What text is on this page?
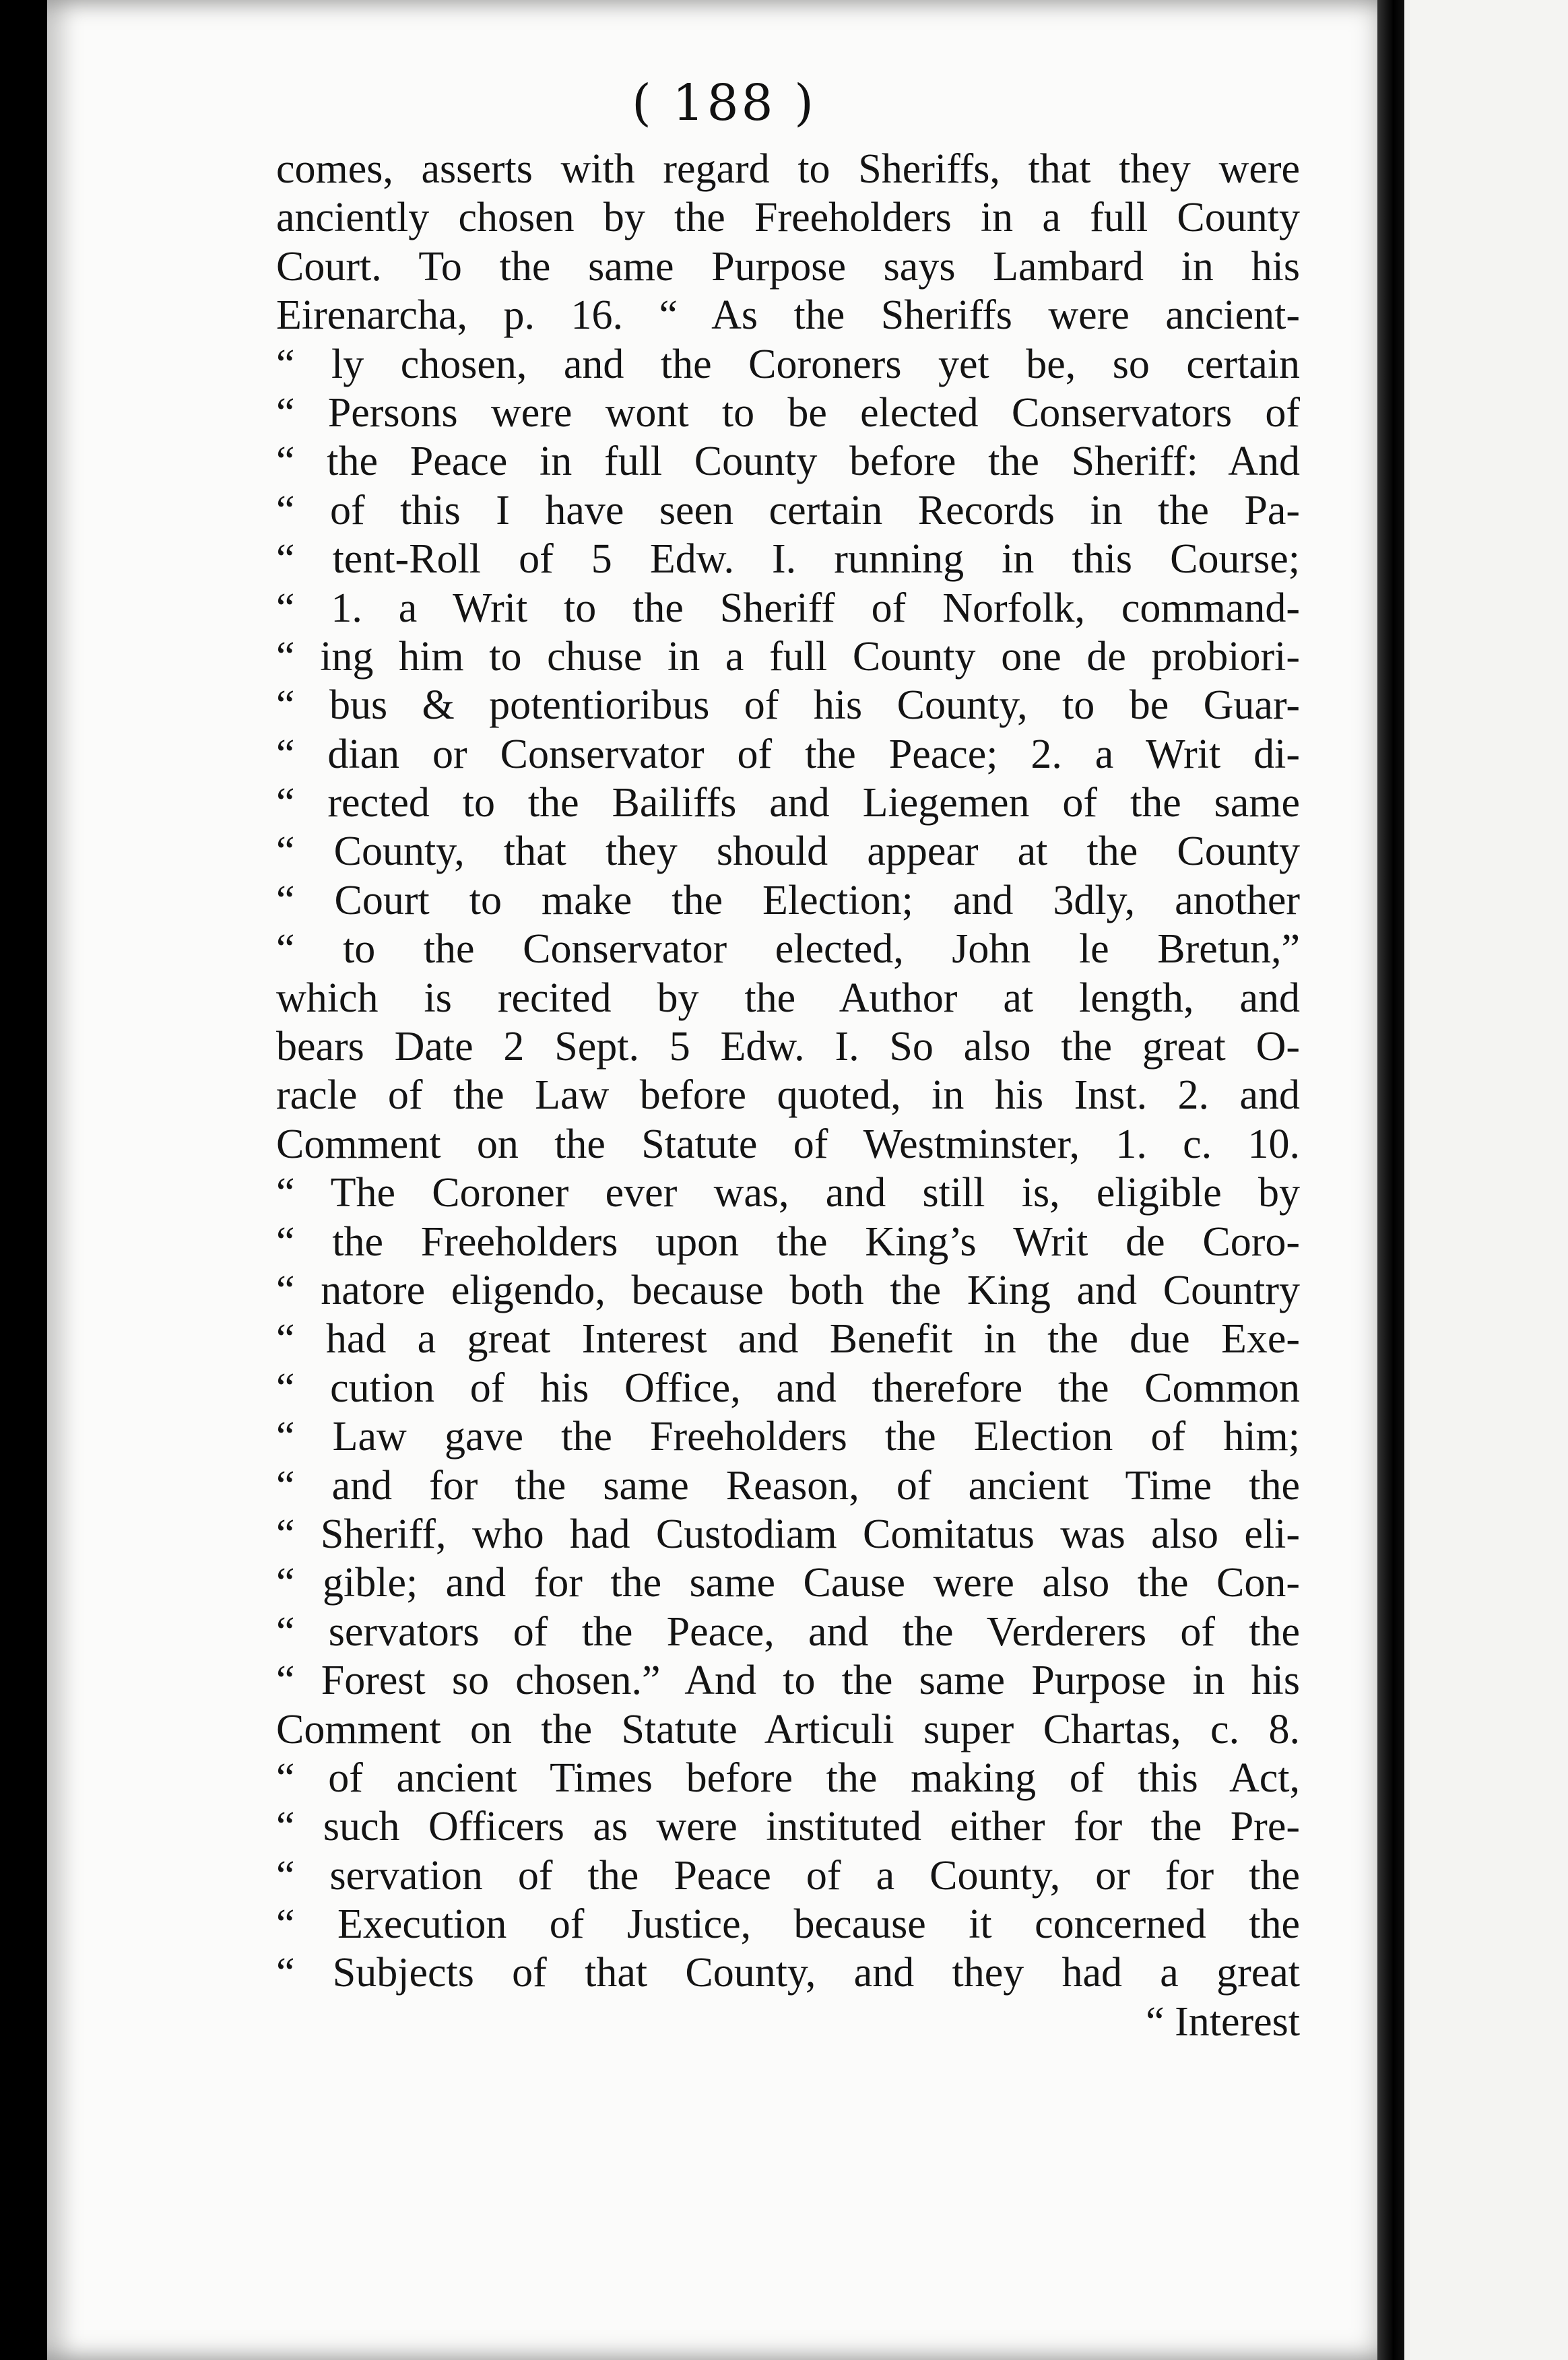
( 188 )
comes, asserts with regard to Sheriffs, that they were
anciently chosen by the Freeholders in a full County
Court. To the same Purpose says Lambard in his
Eirenarcha, p. 16. “ As the Sheriffs were ancient-
“ ly chosen, and the Coroners yet be, so certain
“ Persons were wont to be elected Conservators of
“ the Peace in full County before the Sheriff: And
“ of this I have seen certain Records in the Pa-
“ tent-Roll of 5 Edw. I. running in this Course;
“ 1. a Writ to the Sheriff of Norfolk, command-
“ ing him to chuse in a full County one de probiori-
“ bus & potentioribus of his County, to be Guar-
“ dian or Conservator of the Peace; 2. a Writ di-
“ rected to the Bailiffs and Liegemen of the same
“ County, that they should appear at the County
“ Court to make the Election; and 3dly, another
“ to the Conservator elected, John le Bretun,”
which is recited by the Author at length, and
bears Date 2 Sept. 5 Edw. I. So also the great O-
racle of the Law before quoted, in his Inst. 2. and
Comment on the Statute of Westminster, 1. c. 10.
“ The Coroner ever was, and still is, eligible by
“ the Freeholders upon the King’s Writ de Coro-
“ natore eligendo, because both the King and Country
“ had a great Interest and Benefit in the due Exe-
“ cution of his Office, and therefore the Common
“ Law gave the Freeholders the Election of him;
“ and for the same Reason, of ancient Time the
“ Sheriff, who had Custodiam Comitatus was also eli-
“ gible; and for the same Cause were also the Con-
“ servators of the Peace, and the Verderers of the
“ Forest so chosen.” And to the same Purpose in his
Comment on the Statute Articuli super Chartas, c. 8.
“ of ancient Times before the making of this Act,
“ such Officers as were instituted either for the Pre-
“ servation of the Peace of a County, or for the
“ Execution of Justice, because it concerned the
“ Subjects of that County, and they had a great
“ Interest
